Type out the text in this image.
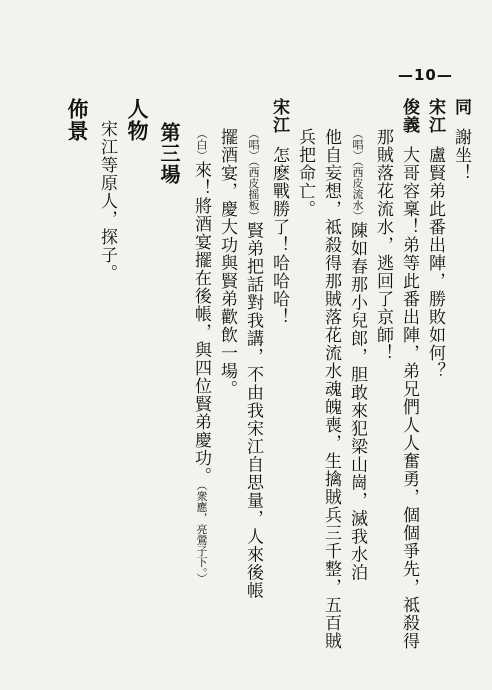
—10—
同謝坐！
宋江盧賢弟此番出陣，勝敗如何？
俊義大哥容稟！弟等此番出陣，弟兄們人人奮勇，個個爭先，祗殺得
那賊落花流水，逃回了京師！
（唱）（西皮流水）陳如春那小兒郎，胆敢來犯梁山崗，滅我水泊
他自妄想，祗殺得那賊落花流水魂魄喪，生擒賊兵三千整，五百賊
兵把命亡。
宋江怎麽戰勝了！哈哈哈！
（唱）（西皮摇板）賢弟把話對我講，不由我宋江自思量，人來後帳
擺酒宴，慶大功與賢弟歡飲一場。
（白）來！將酒宴擺在後帳，與四位賢弟慶功。（衆應，亮鶯子下。）
第三場
人物
宋江等原人，探子。
佈景
